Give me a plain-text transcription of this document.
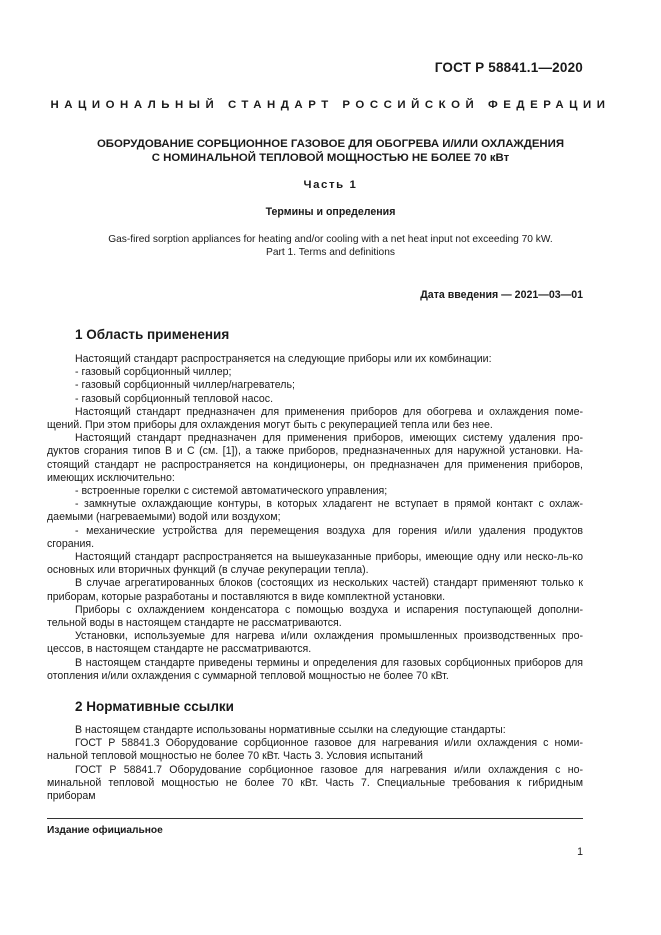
ГОСТ Р 58841.1—2020
НАЦИОНАЛЬНЫЙ СТАНДАРТ РОССИЙСКОЙ ФЕДЕРАЦИИ
ОБОРУДОВАНИЕ СОРБЦИОННОЕ ГАЗОВОЕ ДЛЯ ОБОГРЕВА И/ИЛИ ОХЛАЖДЕНИЯ
С НОМИНАЛЬНОЙ ТЕПЛОВОЙ МОЩНОСТЬЮ НЕ БОЛЕЕ 70 кВт
Часть 1
Термины и определения
Gas-fired sorption appliances for heating and/or cooling with a net heat input not exceeding 70 kW.
Part 1. Terms and definitions
Дата введения — 2021—03—01
1 Область применения

Настоящий стандарт распространяется на следующие приборы или их комбинации:

- газовый сорбционный чиллер;

- газовый сорбционный чиллер/нагреватель;

- газовый сорбционный тепловой насос.

Настоящий стандарт предназначен для применения приборов для обогрева и охлаждения поме-щений. При этом приборы для охлаждения могут быть с рекуперацией тепла или без нее.

Настоящий стандарт предназначен для применения приборов, имеющих систему удаления про-дуктов сгорания типов В и С (см. [1]), а также приборов, предназначенных для наружной установки. На-стоящий стандарт не распространяется на кондиционеры, он предназначен для применения приборов, имеющих исключительно:

- встроенные горелки с системой автоматического управления;

- замкнутые охлаждающие контуры, в которых хладагент не вступает в прямой контакт с охлаж-даемыми (нагреваемыми) водой или воздухом;

- механические устройства для перемещения воздуха для горения и/или удаления продуктов сгорания.

Настоящий стандарт распространяется на вышеуказанные приборы, имеющие одну или неско-ль-ко основных или вторичных функций (в случае рекуперации тепла).

В случае агрегатированных блоков (состоящих из нескольких частей) стандарт применяют только к приборам, которые разработаны и поставляются в виде комплектной установки.

Приборы с охлаждением конденсатора с помощью воздуха и испарения поступающей дополни-тельной воды в настоящем стандарте не рассматриваются.

Установки, используемые для нагрева и/или охлаждения промышленных производственных про-цессов, в настоящем стандарте не рассматриваются.

В настоящем стандарте приведены термины и определения для газовых сорбционных приборов для отопления и/или охлаждения с суммарной тепловой мощностью не более 70 кВт.

2 Нормативные ссылки

В настоящем стандарте использованы нормативные ссылки на следующие стандарты:

ГОСТ Р 58841.3 Оборудование сорбционное газовое для нагревания и/или охлаждения с номи-нальной тепловой мощностью не более 70 кВт. Часть 3. Условия испытаний

ГОСТ Р 58841.7 Оборудование сорбционное газовое для нагревания и/или охлаждения с но-минальной тепловой мощностью не более 70 кВт. Часть 7. Специальные требования к гибридным приборам

Издание официальное
1
